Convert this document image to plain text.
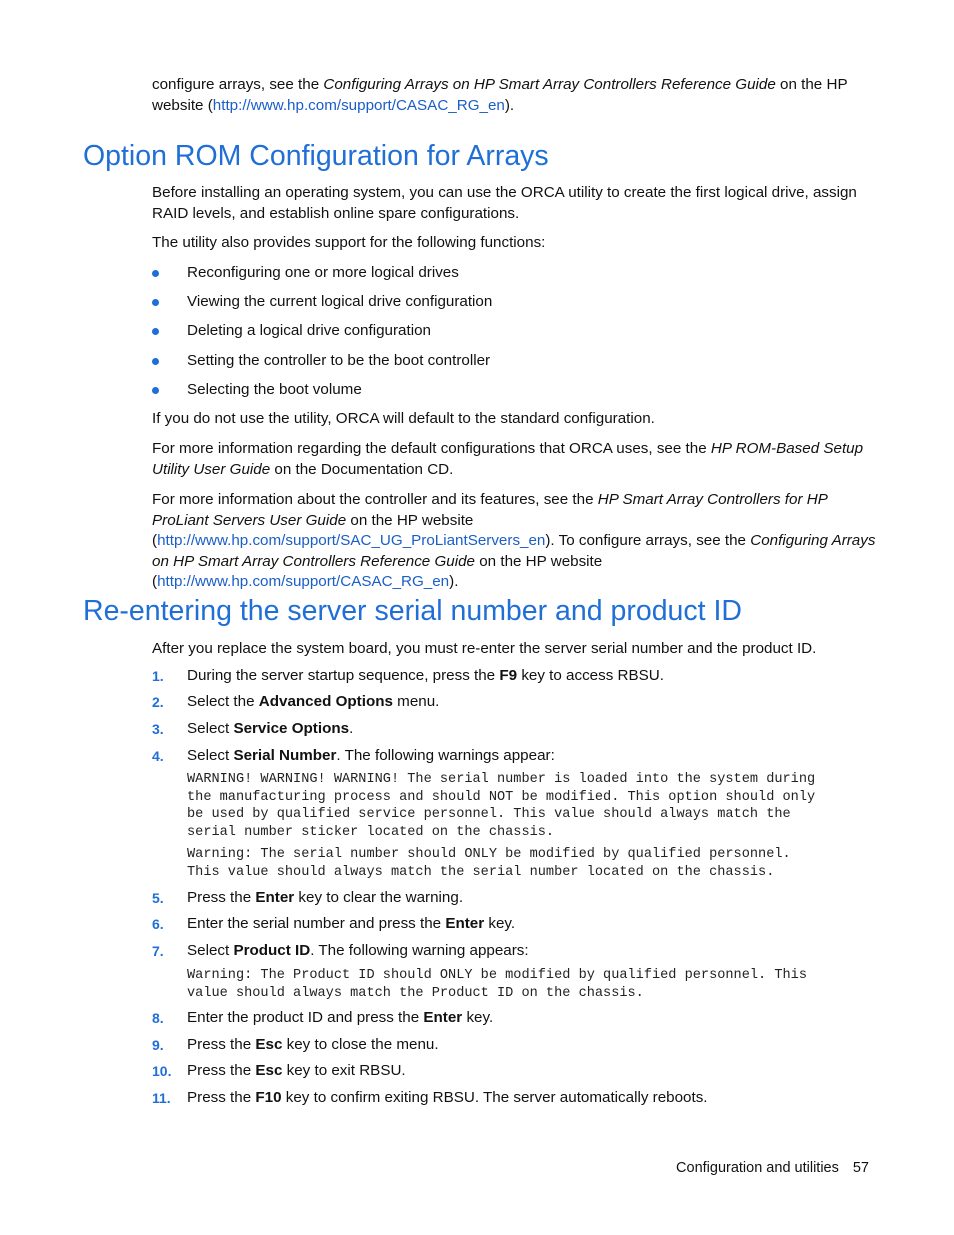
configure arrays, see the Configuring Arrays on HP Smart Array Controllers Reference Guide on the HP website (http://www.hp.com/support/CASAC_RG_en).

Option ROM Configuration for Arrays

Before installing an operating system, you can use the ORCA utility to create the first logical drive, assign RAID levels, and establish online spare configurations.

The utility also provides support for the following functions:

Reconfiguring one or more logical drives
Viewing the current logical drive configuration
Deleting a logical drive configuration
Setting the controller to be the boot controller
Selecting the boot volume

If you do not use the utility, ORCA will default to the standard configuration.

For more information regarding the default configurations that ORCA uses, see the HP ROM-Based Setup Utility User Guide on the Documentation CD.

For more information about the controller and its features, see the HP Smart Array Controllers for HP ProLiant Servers User Guide on the HP website (http://www.hp.com/support/SAC_UG_ProLiantServers_en). To configure arrays, see the Configuring Arrays on HP Smart Array Controllers Reference Guide on the HP website (http://www.hp.com/support/CASAC_RG_en).

Re-entering the server serial number and product ID

After you replace the system board, you must re-enter the server serial number and the product ID.

1. During the server startup sequence, press the F9 key to access RBSU.
2. Select the Advanced Options menu.
3. Select Service Options.
4. Select Serial Number. The following warnings appear:
WARNING! WARNING! WARNING! The serial number is loaded into the system during
the manufacturing process and should NOT be modified. This option should only
be used by qualified service personnel. This value should always match the
serial number sticker located on the chassis.
Warning: The serial number should ONLY be modified by qualified personnel.
This value should always match the serial number located on the chassis.
5. Press the Enter key to clear the warning.
6. Enter the serial number and press the Enter key.
7. Select Product ID. The following warning appears:
Warning: The Product ID should ONLY be modified by qualified personnel. This
value should always match the Product ID on the chassis.
8. Enter the product ID and press the Enter key.
9. Press the Esc key to close the menu.
10. Press the Esc key to exit RBSU.
11. Press the F10 key to confirm exiting RBSU. The server automatically reboots.
Configuration and utilities 57
